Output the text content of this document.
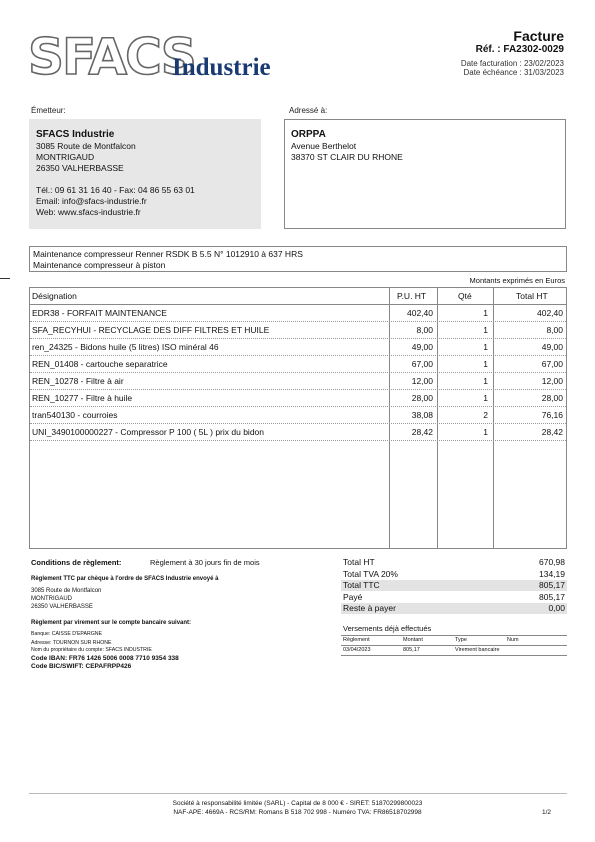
SFACS
Industrie
Facture
Réf. : FA2302-0029
Date facturation : 23/02/2023
Date échéance : 31/03/2023
Émetteur:	Adressé à:
SFACS Industrie
3085 Route de Montfalcon
MONTRIGAUD
26350 VALHERBASSE
Tél.: 09 61 31 16 40 - Fax: 04 86 55 63 01
Email: info@sfacs-industrie.fr
Web: www.sfacs-industrie.fr
ORPPA
Avenue Berthelot
38370 ST CLAIR DU RHONE
Maintenance compresseur Renner RSDK B 5.5 N° 1012910 à 637 HRS
Maintenance compresseur à piston
Montants exprimés en Euros
Désignation	P.U. HT	Qté	Total HT
EDR38 - FORFAIT MAINTENANCE	402,40	1	402,40
SFA_RECYHUI - RECYCLAGE DES DIFF FILTRES ET HUILE	8,00	1	8,00
ren_24325 - Bidons huile (5 litres) ISO minéral 46	49,00	1	49,00
REN_01408 - cartouche separatrice	67,00	1	67,00
REN_10278 - Filtre à air	12,00	1	12,00
REN_10277 - Filtre à huile	28,00	1	28,00
tran540130 - courroies	38,08	2	76,16
UNI_3490100000227 - Compressor P 100 ( 5L ) prix du bidon	28,42	1	28,42
Conditions de règlement:	Règlement à 30 jours fin de mois
Règlement TTC par chèque à l'ordre de SFACS Industrie envoyé à
3085 Route de Montfalcon
MONTRIGAUD
26350 VALHERBASSE
Règlement par virement sur le compte bancaire suivant:
Banque: CAISSE D'EPARGNE
Adresse: TOURNON SUR RHONE
Nom du propriétaire du compte: SFACS INDUSTRIE
Code IBAN: FR76 1426 5006 0008 7710 9354 338
Code BIC/SWIFT: CEPAFRPP426
Total HT	670,98
Total TVA 20%	134,19
Total TTC	805,17
Payé	805,17
Reste à payer	0,00
Versements déjà effectués
Règlement	Montant	Type	Num
03/04/2023	805,17	Virement bancaire
Société à responsabilité limitée (SARL) - Capital de 8 000 € - SIRET: 51870299800023
NAF-APE: 4669A - RCS/RM: Romans B 518 702 998 - Numéro TVA: FR86518702998	1/2
